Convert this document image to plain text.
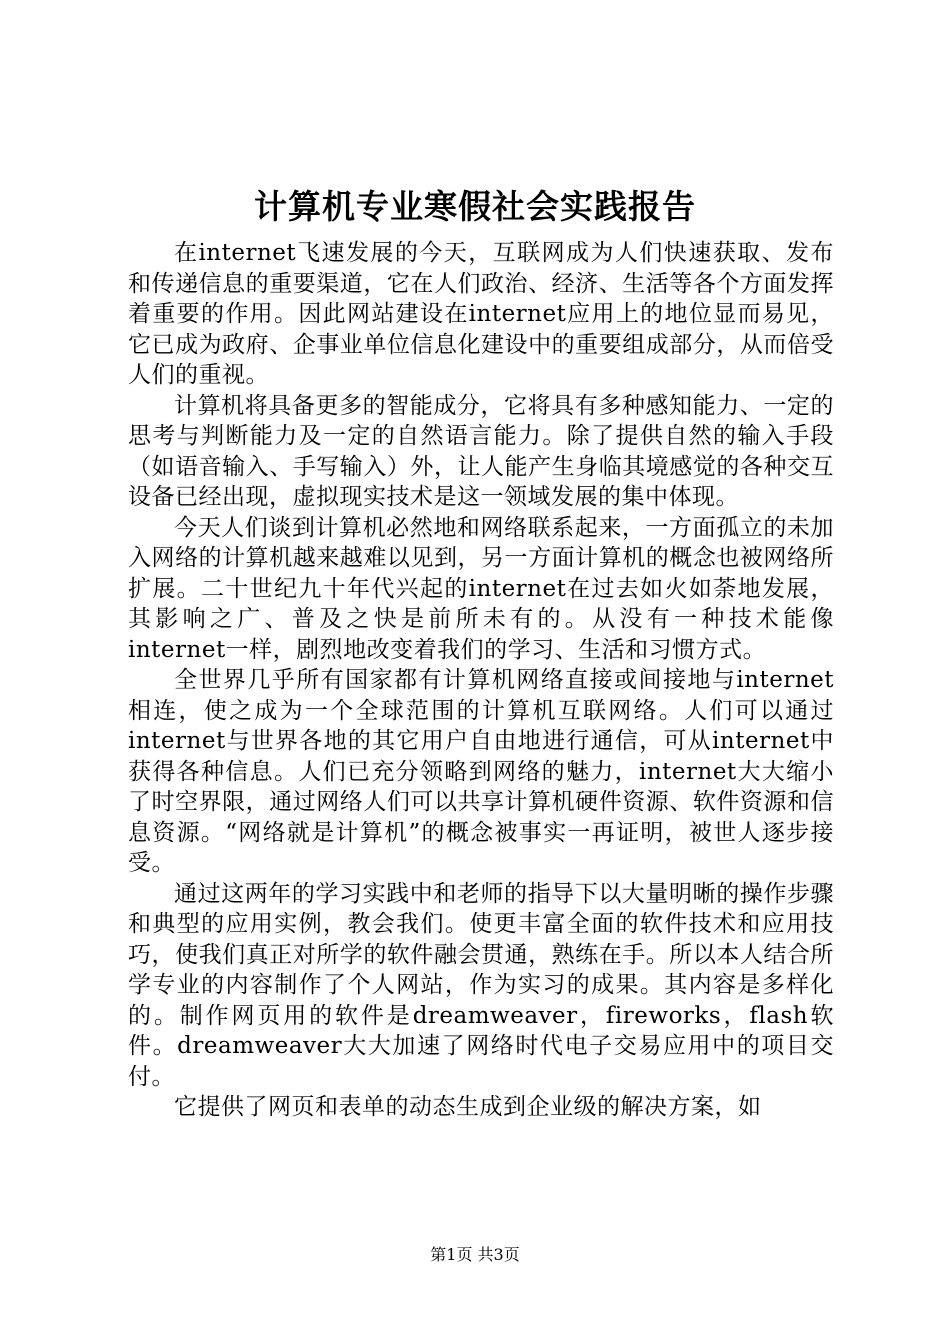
计算机专业寒假社会实践报告

在internet飞速发展的今天，互联网成为人们快速获取、发布和传递信息的重要渠道，它在人们政治、经济、生活等各个方面发挥着重要的作用。因此网站建设在internet应用上的地位显而易见，它已成为政府、企事业单位信息化建设中的重要组成部分，从而倍受人们的重视。

计算机将具备更多的智能成分，它将具有多种感知能力、一定的思考与判断能力及一定的自然语言能力。除了提供自然的输入手段（如语音输入、手写输入）外，让人能产生身临其境感觉的各种交互设备已经出现，虚拟现实技术是这一领域发展的集中体现。

今天人们谈到计算机必然地和网络联系起来，一方面孤立的未加入网络的计算机越来越难以见到，另一方面计算机的概念也被网络所扩展。二十世纪九十年代兴起的internet在过去如火如荼地发展，其影响之广、普及之快是前所未有的。从没有一种技术能像internet一样，剧烈地改变着我们的学习、生活和习惯方式。

全世界几乎所有国家都有计算机网络直接或间接地与internet相连，使之成为一个全球范围的计算机互联网络。人们可以通过internet与世界各地的其它用户自由地进行通信，可从internet中获得各种信息。人们已充分领略到网络的魅力，internet大大缩小了时空界限，通过网络人们可以共享计算机硬件资源、软件资源和信息资源。“网络就是计算机”的概念被事实一再证明，被世人逐步接受。

通过这两年的学习实践中和老师的指导下以大量明晰的操作步骤和典型的应用实例，教会我们。使更丰富全面的软件技术和应用技巧，使我们真正对所学的软件融会贯通，熟练在手。所以本人结合所学专业的内容制作了个人网站，作为实习的成果。其内容是多样化的。制作网页用的软件是dreamweaver，fireworks，flash软件。dreamweaver大大加速了网络时代电子交易应用中的项目交付。

它提供了网页和表单的动态生成到企业级的解决方案，如

第1页 共3页
